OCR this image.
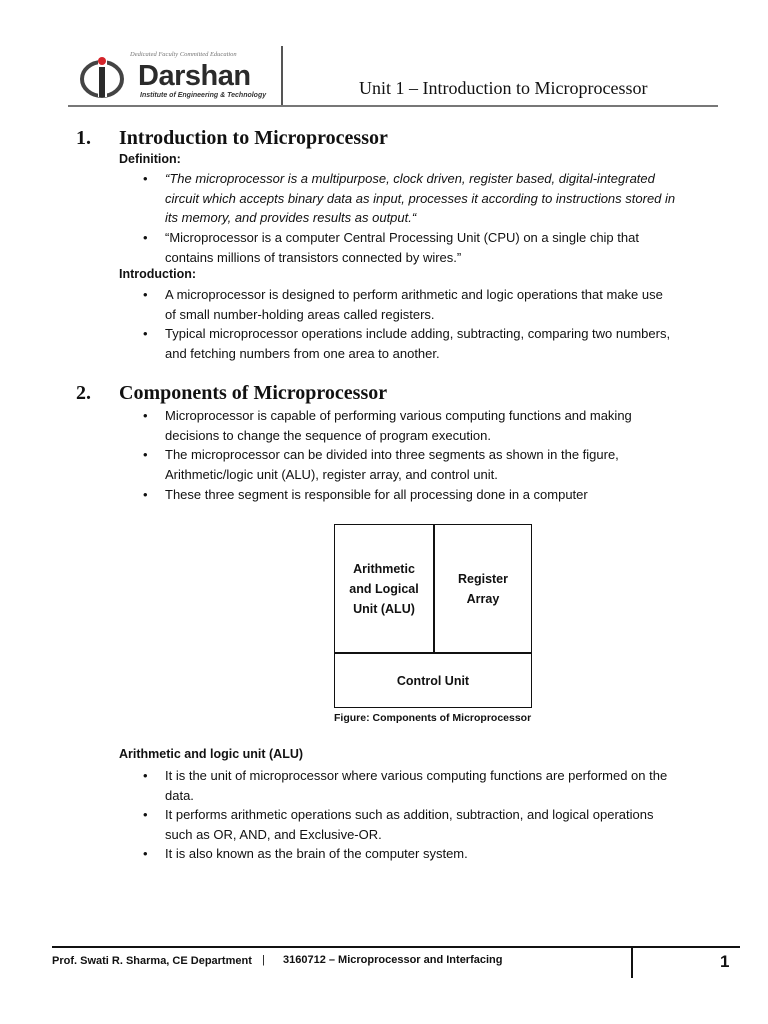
Dedicated Faculty Committed Education
Darshan
Institute of Engineering & Technology	Unit 1 – Introduction to Microprocessor
1. Introduction to Microprocessor
Definition:
• “The microprocessor is a multipurpose, clock driven, register based, digital-integrated
circuit which accepts binary data as input, processes it according to instructions stored in
its memory, and provides results as output.“
• “Microprocessor is a computer Central Processing Unit (CPU) on a single chip that
contains millions of transistors connected by wires.”
Introduction:
• A microprocessor is designed to perform arithmetic and logic operations that make use
of small number-holding areas called registers.
• Typical microprocessor operations include adding, subtracting, comparing two numbers,
and fetching numbers from one area to another.
2. Components of Microprocessor
• Microprocessor is capable of performing various computing functions and making
decisions to change the sequence of program execution.
• The microprocessor can be divided into three segments as shown in the figure,
Arithmetic/logic unit (ALU), register array, and control unit.
• These three segment is responsible for all processing done in a computer
Arithmetic
and Logical
Unit (ALU)
Register
Array
Control Unit
Figure: Components of Microprocessor
Arithmetic and logic unit (ALU)
• It is the unit of microprocessor where various computing functions are performed on the
data.
• It performs arithmetic operations such as addition, subtraction, and logical operations
such as OR, AND, and Exclusive-OR.
• It is also known as the brain of the computer system.
Prof. Swati R. Sharma, CE Department | 3160712 – Microprocessor and Interfacing	1
